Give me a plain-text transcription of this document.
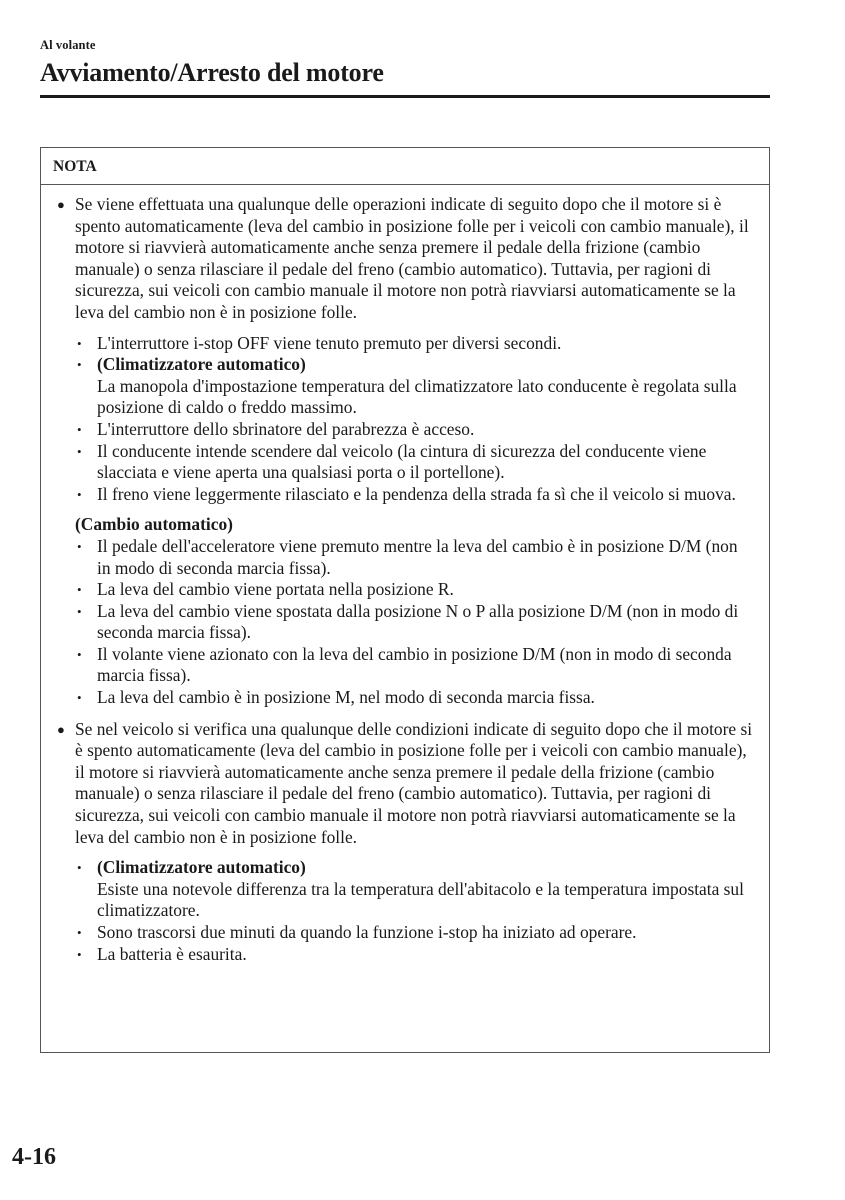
Al volante
Avviamento/Arresto del motore
NOTA
● Se viene effettuata una qualunque delle operazioni indicate di seguito dopo che il motore si è spento automaticamente (leva del cambio in posizione folle per i veicoli con cambio manuale), il motore si riavvierà automaticamente anche senza premere il pedale della frizione (cambio manuale) o senza rilasciare il pedale del freno (cambio automatico). Tuttavia, per ragioni di sicurezza, sui veicoli con cambio manuale il motore non potrà riavviarsi automaticamente se la leva del cambio non è in posizione folle.
• L'interruttore i-stop OFF viene tenuto premuto per diversi secondi.
• (Climatizzatore automatico)
La manopola d'impostazione temperatura del climatizzatore lato conducente è regolata sulla posizione di caldo o freddo massimo.
• L'interruttore dello sbrinatore del parabrezza è acceso.
• Il conducente intende scendere dal veicolo (la cintura di sicurezza del conducente viene slacciata e viene aperta una qualsiasi porta o il portellone).
• Il freno viene leggermente rilasciato e la pendenza della strada fa sì che il veicolo si muova.
(Cambio automatico)
• Il pedale dell'acceleratore viene premuto mentre la leva del cambio è in posizione D/M (non in modo di seconda marcia fissa).
• La leva del cambio viene portata nella posizione R.
• La leva del cambio viene spostata dalla posizione N o P alla posizione D/M (non in modo di seconda marcia fissa).
• Il volante viene azionato con la leva del cambio in posizione D/M (non in modo di seconda marcia fissa).
• La leva del cambio è in posizione M, nel modo di seconda marcia fissa.
● Se nel veicolo si verifica una qualunque delle condizioni indicate di seguito dopo che il motore si è spento automaticamente (leva del cambio in posizione folle per i veicoli con cambio manuale), il motore si riavvierà automaticamente anche senza premere il pedale della frizione (cambio manuale) o senza rilasciare il pedale del freno (cambio automatico). Tuttavia, per ragioni di sicurezza, sui veicoli con cambio manuale il motore non potrà riavviarsi automaticamente se la leva del cambio non è in posizione folle.
• (Climatizzatore automatico)
Esiste una notevole differenza tra la temperatura dell'abitacolo e la temperatura impostata sul climatizzatore.
• Sono trascorsi due minuti da quando la funzione i-stop ha iniziato ad operare.
• La batteria è esaurita.
4-16
